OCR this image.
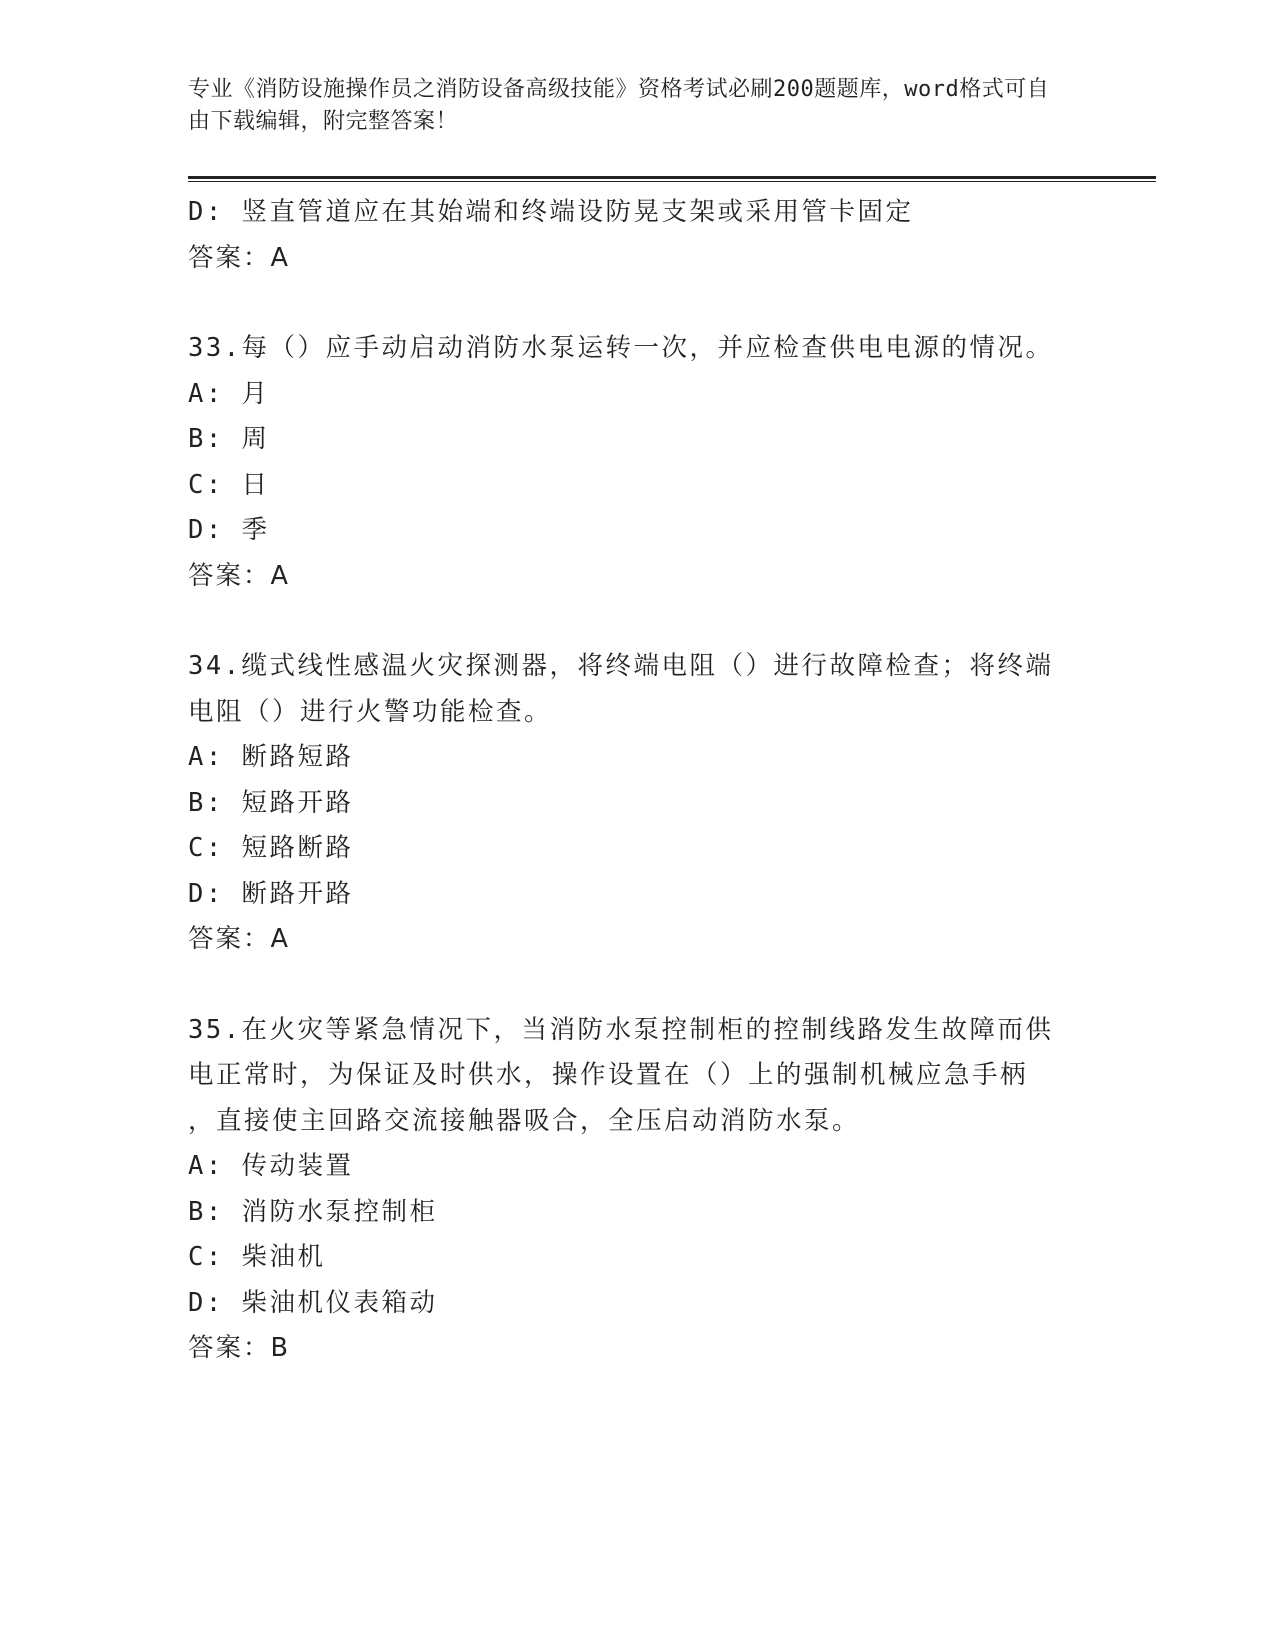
专业《消防设施操作员之消防设备高级技能》资格考试必刷200题题库，word格式可自由下载编辑，附完整答案！

D: 竖直管道应在其始端和终端设防晃支架或采用管卡固定

答案：A

33.每（）应手动启动消防水泵运转一次，并应检查供电电源的情况。

A: 月

B: 周

C: 日

D: 季

答案：A

34.缆式线性感温火灾探测器，将终端电阻（）进行故障检查；将终端

电阻（）进行火警功能检查。

A: 断路短路

B: 短路开路

C: 短路断路

D: 断路开路

答案：A

35.在火灾等紧急情况下，当消防水泵控制柜的控制线路发生故障而供

电正常时，为保证及时供水，操作设置在（）上的强制机械应急手柄

，直接使主回路交流接触器吸合，全压启动消防水泵。

A: 传动装置

B: 消防水泵控制柜

C: 柴油机

D: 柴油机仪表箱动

答案：B
